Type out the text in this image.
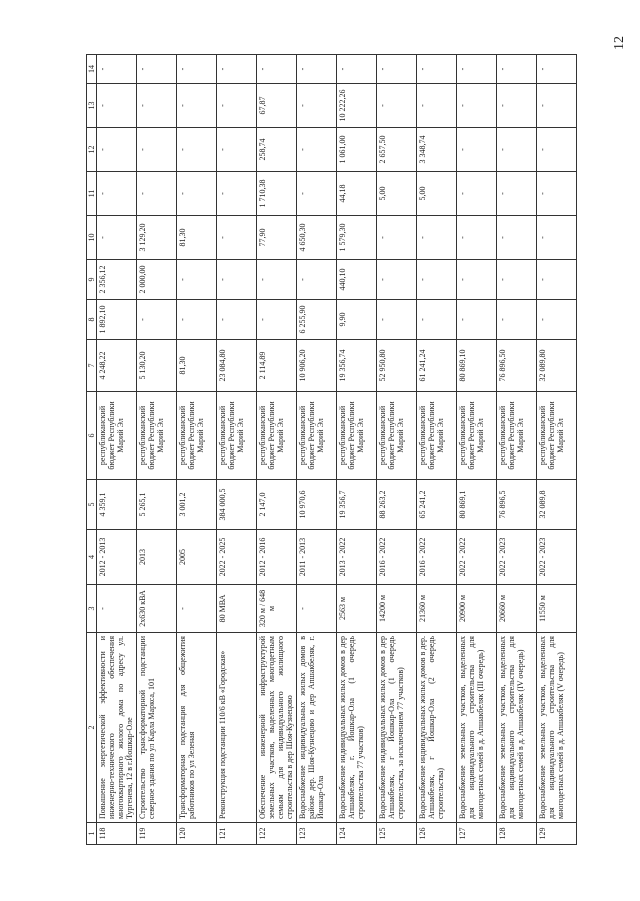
12
1	2	3	4	5	6	7	8	9	10	11	12	13	14
118	Повышение энергетической эффективности и инженерно-технического обеспечения многоквартирного жилого дома по адресу ул. Тургенева, 12 в г.Йошкар-Оле	-	2012 - 2013	4 359,1	республиканский бюджет Республики Марий Эл	4 248,22	1 892,10	2 356,12	-	-	-	-	-
119	Строительство трансформаторной подстанции северное здания по ул Карла Маркса, 101	2х630 кВА	2013	5 265,1	республиканский бюджет Республики Марий Эл	5 130,20	-	2 000,00	3 129,20	-	-	-	-
120	Трансформаторная подстанция для общежития работников по ул Зеленая	-	2005	3 001,2	республиканский бюджет Республики Марий Эл	81,30	-	-	81,30	-	-	-	-
121	Реконструкция подстанции 110/6 кВ «Городская»	80 МВА	2022 - 2025	384 000,5	республиканский бюджет Республики Марий Эл	23 084,80	-	-	-	-	-	-	-
122	Обеспечение инженерной инфраструктурой земельных участков, выделенных многодетным семьям для индивидуального жилищного строительства в дер Шоя-Кузнецово	320 м / 648 м	2012 - 2016	2 147,0	республиканский бюджет Республики Марий Эл	2 114,89	-	-	77,90	1 710,38	258,74	67,87	-
123	Водоснабжение индивидуальных жилых домов в районе дер. Шоя-Кузнецово и дер Апшакбеляк, г. Йошкар-Ола	-	2011 - 2013	10 970,6	республиканский бюджет Республики Марий Эл	10 906,20	6 255,90	-	4 650,30	-	-	-	-
124	Водоснабжение индивидуальных жилых домов в дер Апшакбеляк, г. Йошкар-Ола (1 очередь строительства 77 участков)	2563 м	2013 - 2022	19 356,7	республиканский бюджет Республики Марий Эл	19 356,74	9,90	440,10	1 579,30	44,18	1 061,00	10 222,26	-
125	Водоснабжение индивидуальных жилых домов в дер Апшакбеляк, г Йошкар-Ола (1 очередь строительства, за исключением 77 участков)	14200 м	2016 - 2022	88 263,2	республиканский бюджет Республики Марий Эл	52 950,80	-	-	-	5,00	2 657,50	-	-
126	Водоснабжение индивидуальных жилых домов в дер. Апшакбеляк, г Йошкар-Ола (2 очередь строительства)	21360 м	2016 - 2022	65 241,2	республиканский бюджет Республики Марий Эл	61 241,24	-	-	-	5,00	3 348,74	-	-
127	Водоснабжение земельных участков, выделенных для индивидуального строительства для многодетных семей в д. Апшакбеляк (III очередь)	20900 м	2022 - 2022	80 869,1	республиканский бюджет Республики Марий Эл	80 869,10	-	-	-	-	-	-	-
128	Водоснабжение земельных участков, выделенных для индивидуального строительства для многодетных семей в д. Апшакбеляк (IV очередь)	20660 м	2022 - 2023	76 896,5	республиканский бюджет Республики Марий Эл	76 896,50	-	-	-	-	-	-	-
129	Водоснабжение земельных участков, выделенных для индивидуального строительства для многодетных семей в д. Апшакбеляк (V очередь)	11550 м	2022 - 2023	32 089,8	республиканский бюджет Республики Марий Эл	32 089,80	-	-	-	-	-	-	-
